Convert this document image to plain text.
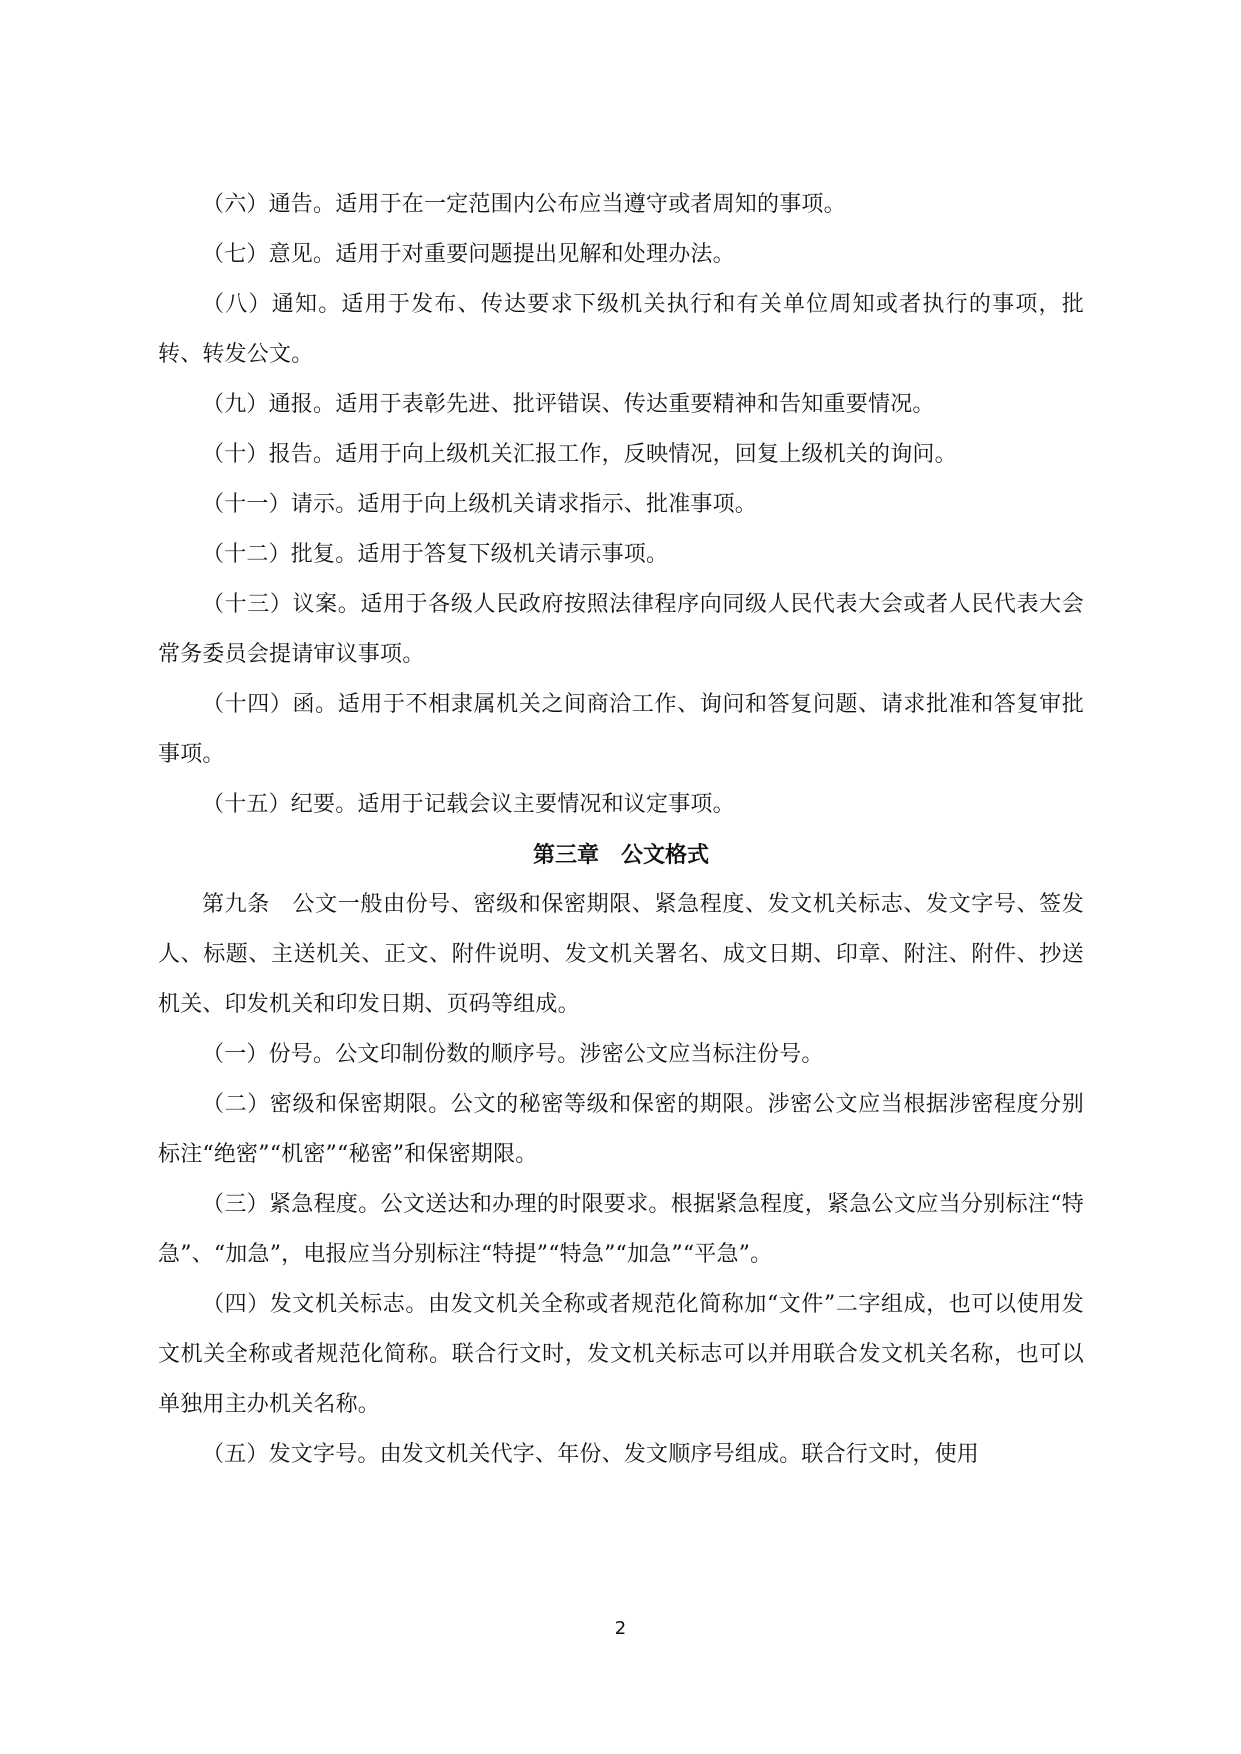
（六）通告。适用于在一定范围内公布应当遵守或者周知的事项。

（七）意见。适用于对重要问题提出见解和处理办法。

（八）通知。适用于发布、传达要求下级机关执行和有关单位周知或者执行的事项，批转、转发公文。

（九）通报。适用于表彰先进、批评错误、传达重要精神和告知重要情况。

（十）报告。适用于向上级机关汇报工作，反映情况，回复上级机关的询问。

（十一）请示。适用于向上级机关请求指示、批准事项。

（十二）批复。适用于答复下级机关请示事项。

（十三）议案。适用于各级人民政府按照法律程序向同级人民代表大会或者人民代表大会常务委员会提请审议事项。

（十四）函。适用于不相隶属机关之间商洽工作、询问和答复问题、请求批准和答复审批事项。

（十五）纪要。适用于记载会议主要情况和议定事项。

第三章　公文格式

第九条　公文一般由份号、密级和保密期限、紧急程度、发文机关标志、发文字号、签发人、标题、主送机关、正文、附件说明、发文机关署名、成文日期、印章、附注、附件、抄送机关、印发机关和印发日期、页码等组成。

（一）份号。公文印制份数的顺序号。涉密公文应当标注份号。

（二）密级和保密期限。公文的秘密等级和保密的期限。涉密公文应当根据涉密程度分别标注“绝密”“机密”“秘密”和保密期限。

（三）紧急程度。公文送达和办理的时限要求。根据紧急程度，紧急公文应当分别标注“特急”、“加急”，电报应当分别标注“特提”“特急”“加急”“平急”。

（四）发文机关标志。由发文机关全称或者规范化简称加“文件”二字组成，也可以使用发文机关全称或者规范化简称。联合行文时，发文机关标志可以并用联合发文机关名称，也可以单独用主办机关名称。

（五）发文字号。由发文机关代字、年份、发文顺序号组成。联合行文时，使用

2
